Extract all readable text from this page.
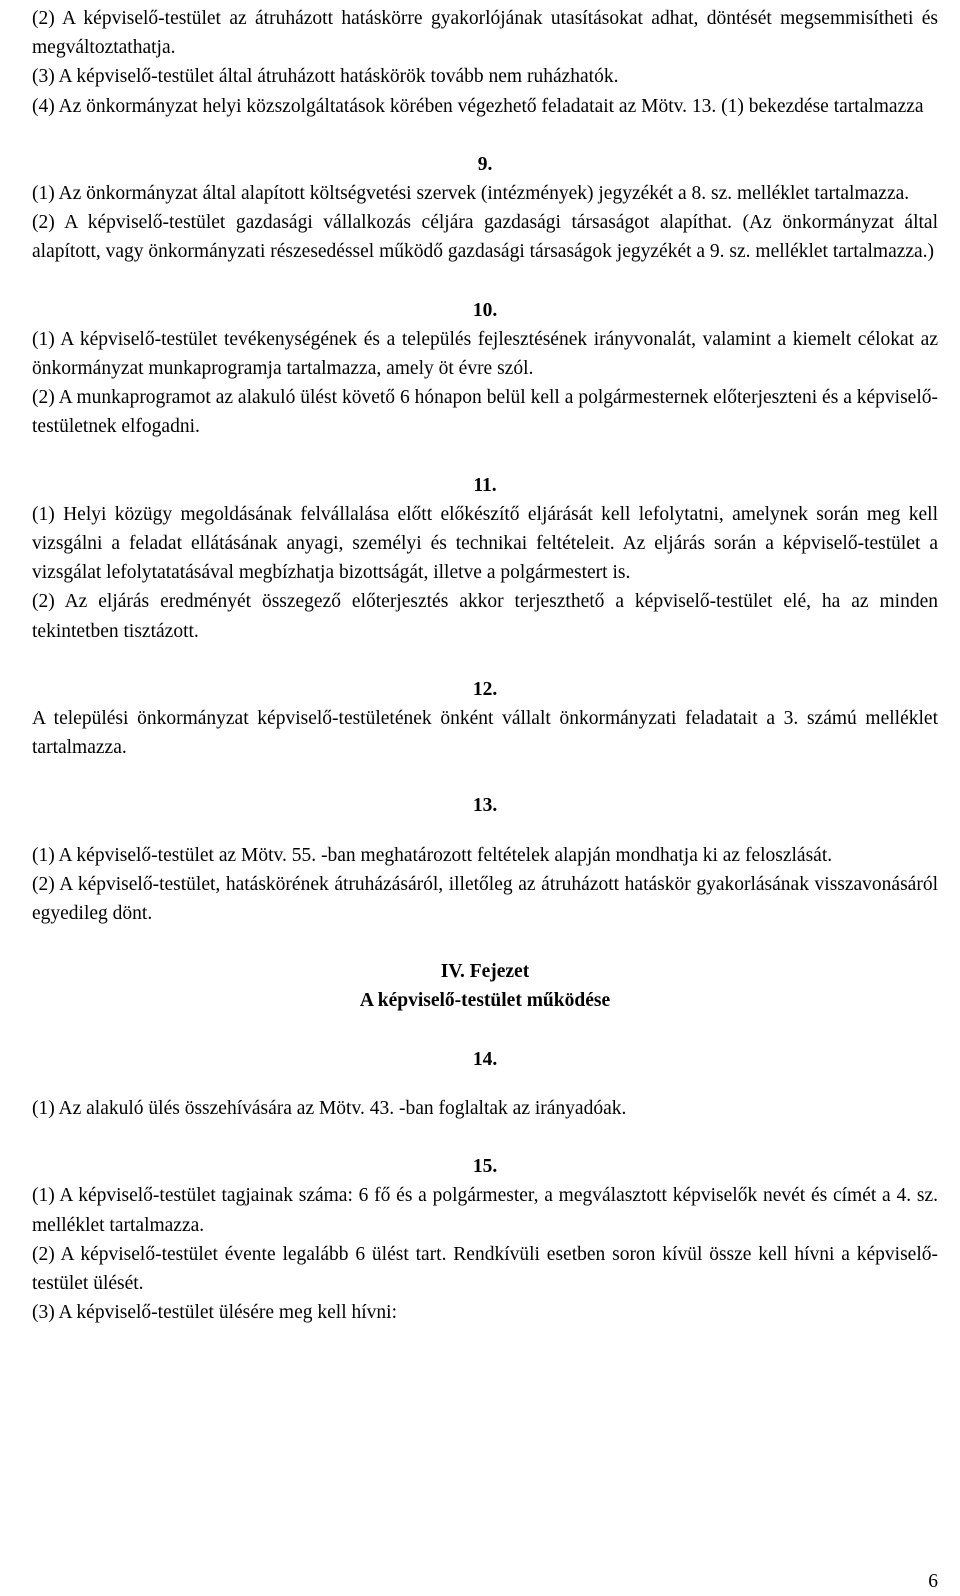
(2) A képviselő-testület az átruházott hatáskörre gyakorlójának utasításokat adhat, döntését megsemmisítheti és megváltoztathatja.
(3) A képviselő-testület által átruházott hatáskörök tovább nem ruházhatók.
(4) Az önkormányzat helyi közszolgáltatások körében végezhető feladatait az Mötv. 13. (1) bekezdése tartalmazza
9.
(1) Az önkormányzat által alapított költségvetési szervek (intézmények) jegyzékét a 8. sz. melléklet tartalmazza.
(2) A képviselő-testület gazdasági vállalkozás céljára gazdasági társaságot alapíthat. (Az önkormányzat által alapított, vagy önkormányzati részesedéssel működő gazdasági társaságok jegyzékét a 9. sz. melléklet tartalmazza.)
10.
(1) A képviselő-testület tevékenységének és a település fejlesztésének irányvonalát, valamint a kiemelt célokat az önkormányzat munkaprogramja tartalmazza, amely öt évre szól.
(2) A munkaprogramot az alakuló ülést követő 6 hónapon belül kell a polgármesternek előterjeszteni és a képviselő-testületnek elfogadni.
11.
(1) Helyi közügy megoldásának felvállalása előtt előkészítő eljárását kell lefolytatni, amelynek során meg kell vizsgálni a feladat ellátásának anyagi, személyi és technikai feltételeit. Az eljárás során a képviselő-testület a vizsgálat lefolytatatásával megbízhatja bizottságát, illetve a polgármestert is.
(2) Az eljárás eredményét összegező előterjesztés akkor terjeszthető a képviselő-testület elé, ha az minden tekintetben tisztázott.
12.
A települési önkormányzat képviselő-testületének önként vállalt önkormányzati feladatait a 3. számú melléklet tartalmazza.
13.
(1) A képviselő-testület az Mötv. 55. -ban meghatározott feltételek alapján mondhatja ki az feloszlását.
(2) A képviselő-testület, hatáskörének átruházásáról, illetőleg az átruházott hatáskör gyakorlásának visszavonásáról egyedileg dönt.
IV. Fejezet
A képviselő-testület működése
14.
(1) Az alakuló ülés összehívására az Mötv. 43. -ban foglaltak az irányadóak.
15.
(1) A képviselő-testület tagjainak száma: 6 fő és a polgármester, a megválasztott képviselők nevét és címét a 4. sz. melléklet tartalmazza.
(2) A képviselő-testület évente legalább 6 ülést tart. Rendkívüli esetben soron kívül össze kell hívni a képviselő-testület ülését.
(3) A képviselő-testület ülésére meg kell hívni:
6
